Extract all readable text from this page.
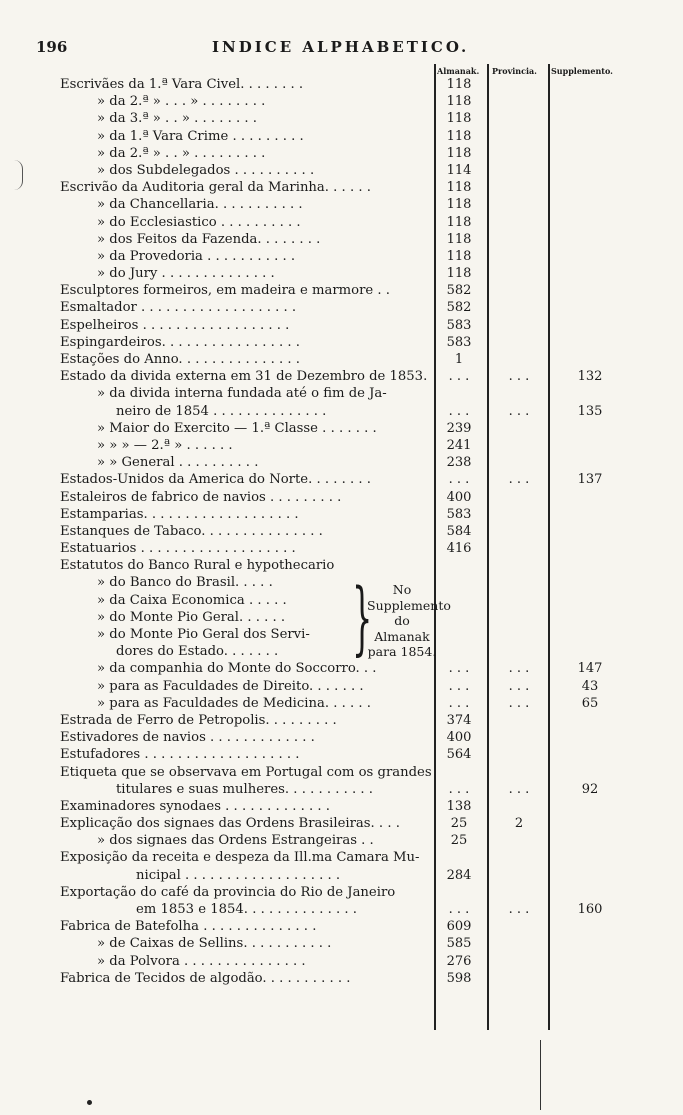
196	INDICE ALPHABETICO.
Almanak. Provincia. Supplemento.
Escrivães da 1.ª Vara Civel. . . . . . . .	118
» da 2.ª » . . . » . . . . . . . .	118
» da 3.ª » . . » . . . . . . . .	118
» da 1.ª Vara Crime . . . . . . . . .	118
» da 2.ª » . . » . . . . . . . . .	118
» dos Subdelegados . . . . . . . . . .	114
Escrivão da Auditoria geral da Marinha. . . . . .	118
» da Chancellaria. . . . . . . . . . .	118
» do Ecclesiastico . . . . . . . . . .	118
» dos Feitos da Fazenda. . . . . . . .	118
» da Provedoria . . . . . . . . . . .	118
» do Jury . . . . . . . . . . . . . .	118
Esculptores formeiros, em madeira e marmore . .	582
Esmaltador . . . . . . . . . . . . . . . . . . .	582
Espelheiros . . . . . . . . . . . . . . . . . .	583
Espingardeiros. . . . . . . . . . . . . . . . .	583
Estações do Anno. . . . . . . . . . . . . . .	1
Estado da divida externa em 31 de Dezembro de 1853.	. . .	. . .	132
» da divida interna fundada até o fim de Ja-
neiro de 1854 . . . . . . . . . . . . . .	. . .	. . .	135
» Maior do Exercito — 1.ª Classe . . . . . . .	239
» » » — 2.ª » . . . . . .	241
» » General . . . . . . . . . .	238
Estados-Unidos da America do Norte. . . . . . . .	. . .	. . .	137
Estaleiros de fabrico de navios . . . . . . . . .	400
Estamparias. . . . . . . . . . . . . . . . . . .	583
Estanques de Tabaco. . . . . . . . . . . . . . .	584
Estatuarios . . . . . . . . . . . . . . . . . . .	416
Estatutos do Banco Rural e hypothecario
» do Banco do Brasil. . . . .
» da Caixa Economica . . . . .
» do Monte Pio Geral. . . . . .
» do Monte Pio Geral dos Servi-
dores do Estado. . . . . . .
» da companhia do Monte do Soccorro. . .	. . .	. . .	147
» para as Faculdades de Direito. . . . . . .	. . .	. . .	43
» para as Faculdades de Medicina. . . . . .	. . .	. . .	65
Estrada de Ferro de Petropolis. . . . . . . . .	374
Estivadores de navios . . . . . . . . . . . . .	400
Estufadores . . . . . . . . . . . . . . . . . . .	564
Etiqueta que se observava em Portugal com os grandes
titulares e suas mulheres. . . . . . . . . . .	. . .	. . .	92
Examinadores synodaes . . . . . . . . . . . . .	138
Explicação dos signaes das Ordens Brasileiras. . . .	25	2
» dos signaes das Ordens Estrangeiras . .	25
Exposição da receita e despeza da Ill.ma Camara Mu-
nicipal . . . . . . . . . . . . . . . . . . .	284
Exportação do café da provincia do Rio de Janeiro
em 1853 e 1854. . . . . . . . . . . . . .	. . .	. . .	160
Fabrica de Batefolha . . . . . . . . . . . . . .	609
» de Caixas de Sellins. . . . . . . . . . .	585
» da Polvora . . . . . . . . . . . . . . .	276
Fabrica de Tecidos de algodão. . . . . . . . . . .	598
}	No Supplemento do Almanak para 1854.
